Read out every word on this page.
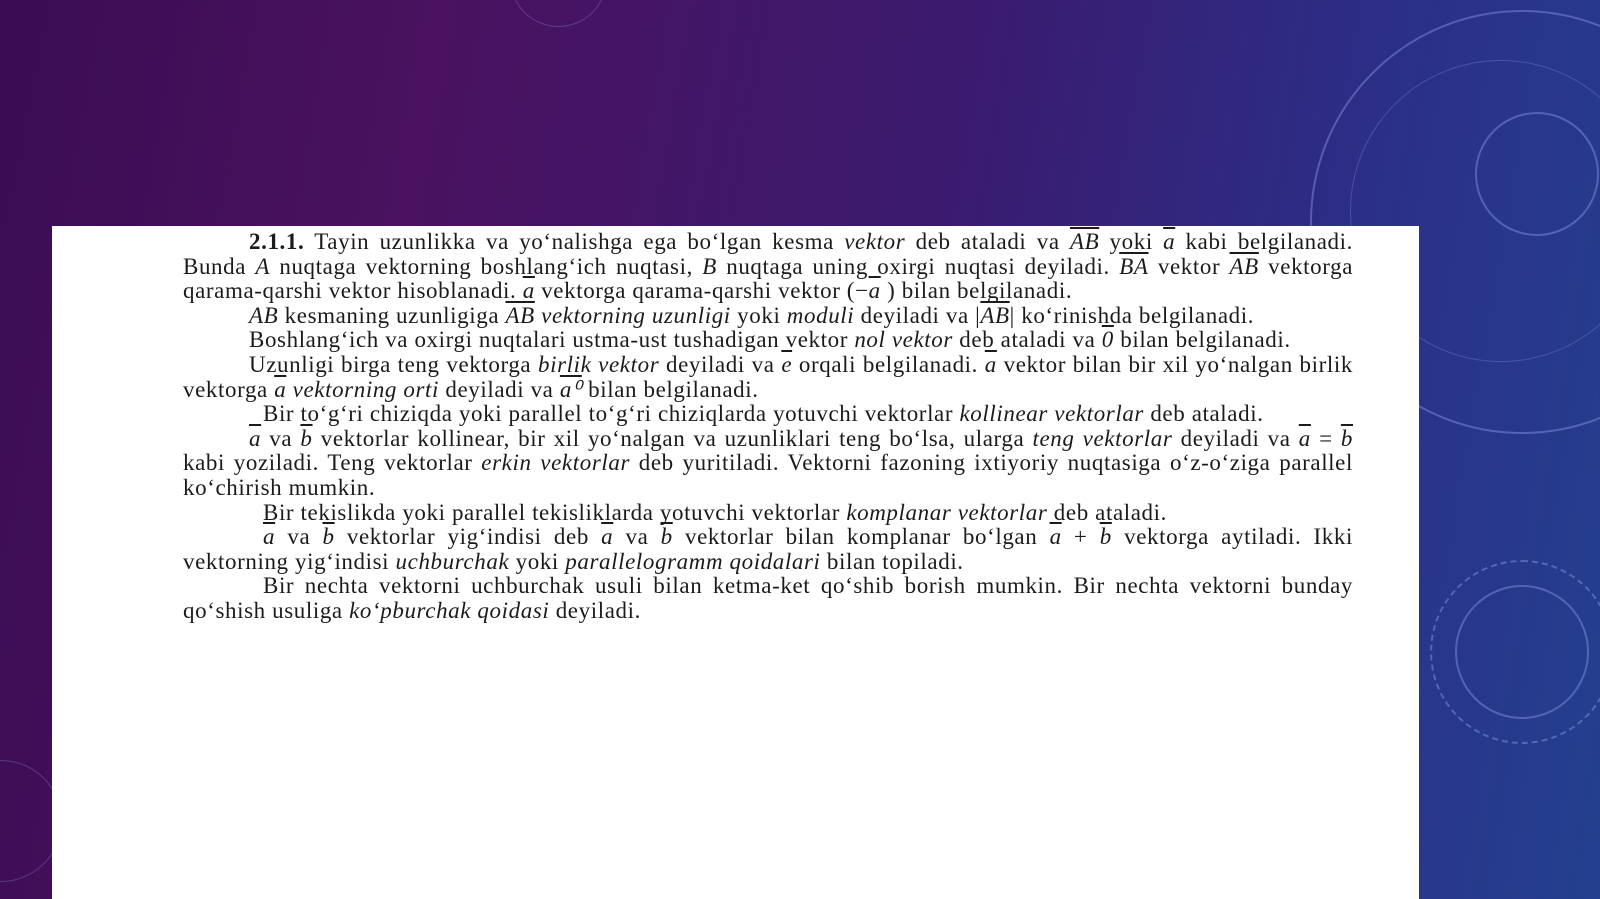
2.1.1. Tayin uzunlikka va yo‘nalishga ega bo‘lgan kesma vektor deb ataladi va $\overline{AB}$ yoki $\overline{a}$ kabi belgilanadi. Bunda A nuqtaga vektorning boshlang‘ich nuqtasi, B nuqtaga uning oxirgi nuqtasi deyiladi. $\overline{BA}$ vektor $\overline{AB}$ vektorga qarama-qarshi vektor hisoblanadi. $\overline{a}$ vektorga qarama-qarshi vektor ($-\overline{a}$ ) bilan belgilanadi.

AB kesmaning uzunligiga $\overline{AB}$ vektorning uzunligi yoki moduli deyiladi va $|\overline{AB}|$ ko‘rinishda belgilanadi.

Boshlang‘ich va oxirgi nuqtalari ustma-ust tushadigan vektor nol vektor deb ataladi va 0 bilan belgilanadi.

Uzunligi birga teng vektorga birlik vektor deyiladi va $\overline{e}$ orqali belgilanadi. $\overline{a}$ vektor bilan bir xil yo‘nalgan birlik vektorga $\overline{a}$ vektorning orti deyiladi va a⁰ bilan belgilanadi.

Bir to‘g‘ri chiziqda yoki parallel to‘g‘ri chiziqlarda yotuvchi vektorlar kollinear vektorlar deb ataladi.

$\overline{a}$ va $\overline{b}$ vektorlar kollinear, bir xil yo‘nalgan va uzunliklari teng bo‘lsa, ularga teng vektorlar deyiladi va $\overline{a} = \overline{b}$ kabi yoziladi. Teng vektorlar erkin vektorlar deb yuritiladi. Vektorni fazoning ixtiyoriy nuqtasiga o‘z-o‘ziga parallel ko‘chirish mumkin.

Bir tekislikda yoki parallel tekisliklarda yotuvchi vektorlar komplanar vektorlar deb ataladi.

$\overline{a}$ va $\overline{b}$ vektorlar yig‘indisi deb $\overline{a}$ va $\overline{b}$ vektorlar bilan komplanar bo‘lgan $\overline{a} + \overline{b}$ vektorga aytiladi. Ikki vektorning yig‘indisi uchburchak yoki parallelogramm qoidalari bilan topiladi.

Bir nechta vektorni uchburchak usuli bilan ketma-ket qo‘shib borish mumkin. Bir nechta vektorni bunday qo‘shish usuliga ko‘pburchak qoidasi deyiladi.
